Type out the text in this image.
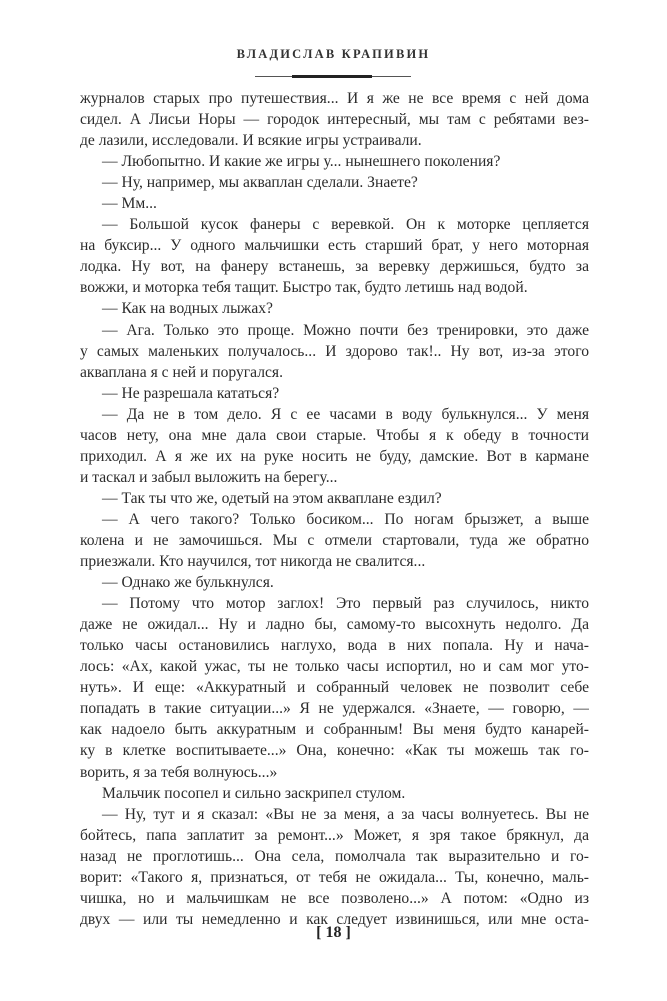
ВЛАДИСЛАВ КРАПИВИН
журналов старых про путешествия... И я же не все время с ней дома
сидел. А Лисьи Норы — городок интересный, мы там с ребятами вез-
де лазили, исследовали. И всякие игры устраивали.
— Любопытно. И какие же игры у... нынешнего поколения?
— Ну, например, мы акваплан сделали. Знаете?
— Мм...
— Большой кусок фанеры с веревкой. Он к моторке цепляется
на буксир... У одного мальчишки есть старший брат, у него моторная
лодка. Ну вот, на фанеру встанешь, за веревку держишься, будто за
вожжи, и моторка тебя тащит. Быстро так, будто летишь над водой.
— Как на водных лыжах?
— Ага. Только это проще. Можно почти без тренировки, это даже
у самых маленьких получалось... И здорово так!.. Ну вот, из-за этого
акваплана я с ней и поругался.
— Не разрешала кататься?
— Да не в том дело. Я с ее часами в воду булькнулся... У меня
часов нету, она мне дала свои старые. Чтобы я к обеду в точности
приходил. А я же их на руке носить не буду, дамские. Вот в кармане
и таскал и забыл выложить на берегу...
— Так ты что же, одетый на этом акваплане ездил?
— А чего такого? Только босиком... По ногам брызжет, а выше
колена и не замочишься. Мы с отмели стартовали, туда же обратно
приезжали. Кто научился, тот никогда не свалится...
— Однако же булькнулся.
— Потому что мотор заглох! Это первый раз случилось, никто
даже не ожидал... Ну и ладно бы, самому-то высохнуть недолго. Да
только часы остановились наглухо, вода в них попала. Ну и нача-
лось: «Ах, какой ужас, ты не только часы испортил, но и сам мог уто-
нуть». И еще: «Аккуратный и собранный человек не позволит себе
попадать в такие ситуации...» Я не удержался. «Знаете, — говорю, —
как надоело быть аккуратным и собранным! Вы меня будто канарей-
ку в клетке воспитываете...» Она, конечно: «Как ты можешь так го-
ворить, я за тебя волнуюсь...»
Мальчик посопел и сильно заскрипел стулом.
— Ну, тут и я сказал: «Вы не за меня, а за часы волнуетесь. Вы не
бойтесь, папа заплатит за ремонт...» Может, я зря такое брякнул, да
назад не проглотишь... Она села, помолчала так выразительно и го-
ворит: «Такого я, признаться, от тебя не ожидала... Ты, конечно, маль-
чишка, но и мальчишкам не все позволено...» А потом: «Одно из
двух — или ты немедленно и как следует извинишься, или мне оста-
[ 18 ]
